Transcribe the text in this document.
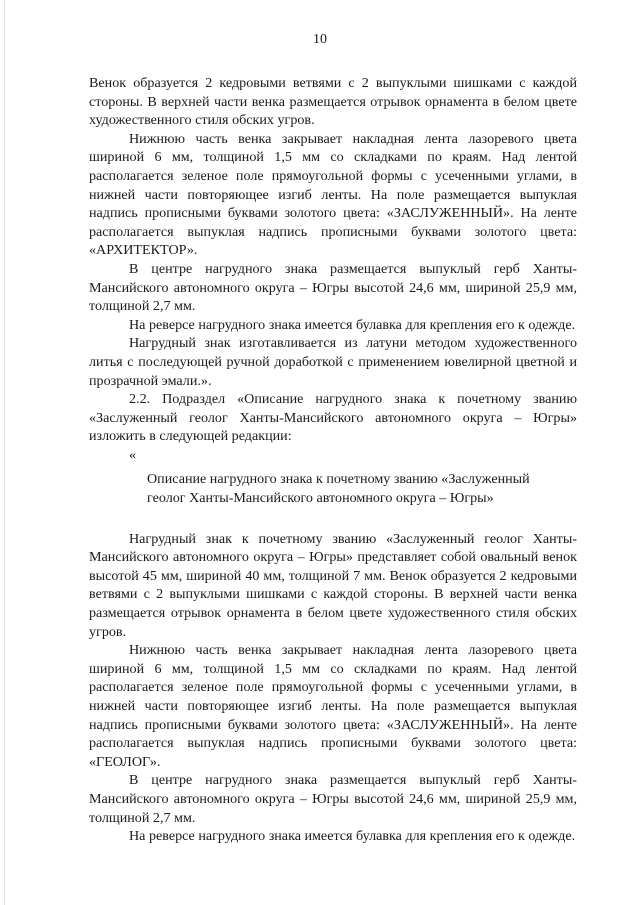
10

Венок образуется 2 кедровыми ветвями с 2 выпуклыми шишками с каждой стороны. В верхней части венка размещается отрывок орнамента в белом цвете художественного стиля обских угров.

Нижнюю часть венка закрывает накладная лента лазоревого цвета шириной 6 мм, толщиной 1,5 мм со складками по краям. Над лентой располагается зеленое поле прямоугольной формы с усеченными углами, в нижней части повторяющее изгиб ленты. На поле размещается выпуклая надпись прописными буквами золотого цвета: «ЗАСЛУЖЕННЫЙ». На ленте располагается выпуклая надпись прописными буквами золотого цвета: «АРХИТЕКТОР».

В центре нагрудного знака размещается выпуклый герб Ханты-Мансийского автономного округа – Югры высотой 24,6 мм, шириной 25,9 мм, толщиной 2,7 мм.

На реверсе нагрудного знака имеется булавка для крепления его к одежде.

Нагрудный знак изготавливается из латуни методом художественного литья с последующей ручной доработкой с применением ювелирной цветной и прозрачной эмали.».

2.2. Подраздел «Описание нагрудного знака к почетному званию «Заслуженный геолог Ханты-Мансийского автономного округа – Югры» изложить в следующей редакции:

«

Описание нагрудного знака к почетному званию «Заслуженный геолог Ханты-Мансийского автономного округа – Югры»

Нагрудный знак к почетному званию «Заслуженный геолог Ханты-Мансийского автономного округа – Югры» представляет собой овальный венок высотой 45 мм, шириной 40 мм, толщиной 7 мм. Венок образуется 2 кедровыми ветвями с 2 выпуклыми шишками с каждой стороны. В верхней части венка размещается отрывок орнамента в белом цвете художественного стиля обских угров.

Нижнюю часть венка закрывает накладная лента лазоревого цвета шириной 6 мм, толщиной 1,5 мм со складками по краям. Над лентой располагается зеленое поле прямоугольной формы с усеченными углами, в нижней части повторяющее изгиб ленты. На поле размещается выпуклая надпись прописными буквами золотого цвета: «ЗАСЛУЖЕННЫЙ». На ленте располагается выпуклая надпись прописными буквами золотого цвета: «ГЕОЛОГ».

В центре нагрудного знака размещается выпуклый герб Ханты-Мансийского автономного округа – Югры высотой 24,6 мм, шириной 25,9 мм, толщиной 2,7 мм.

На реверсе нагрудного знака имеется булавка для крепления его к одежде.
